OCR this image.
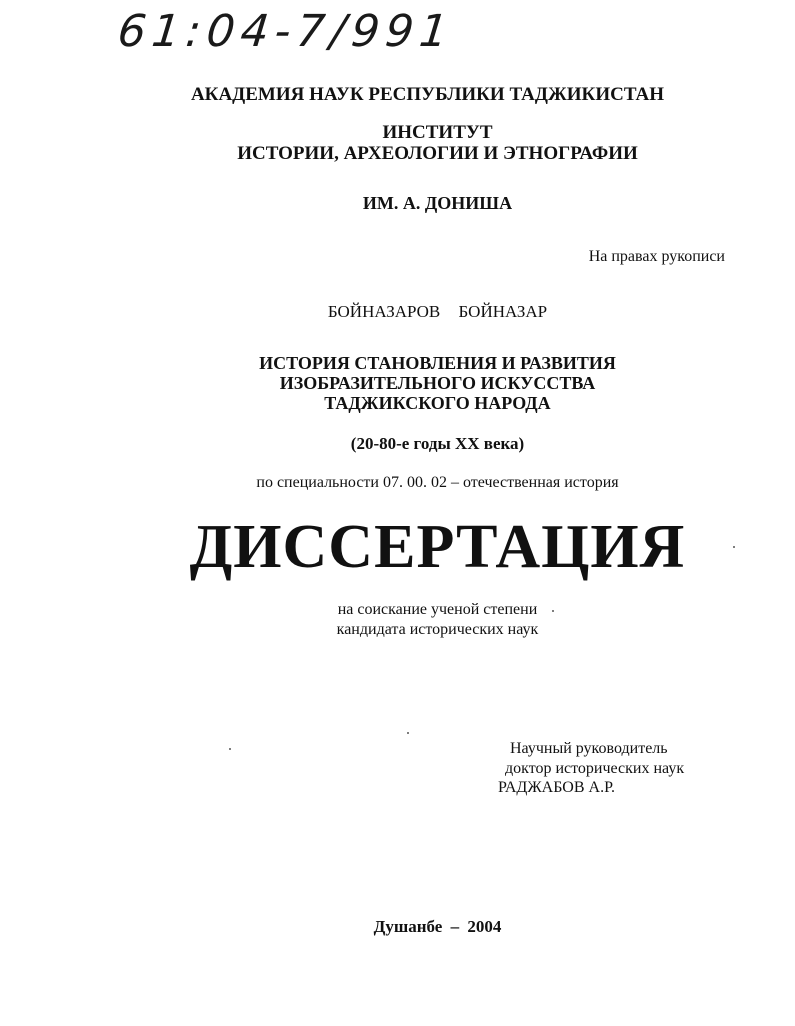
61:04-7/991
АКАДЕМИЯ НАУК РЕСПУБЛИКИ ТАДЖИКИСТАН
ИНСТИТУТ
ИСТОРИИ, АРХЕОЛОГИИ И ЭТНОГРАФИИ
ИМ. А. ДОНИША
На правах рукописи
БОЙНАЗАРОВ БОЙНАЗАР
ИСТОРИЯ СТАНОВЛЕНИЯ И РАЗВИТИЯ
ИЗОБРАЗИТЕЛЬНОГО ИСКУССТВА
ТАДЖИКСКОГО НАРОДА
(20-80-е годы XX века)
по специальности 07. 00. 02 – отечественная история
ДИССЕРТАЦИЯ
на соискание ученой степени
кандидата исторических наук
Научный руководитель
доктор исторических наук
РАДЖАБОВ А.Р.
Душанбе – 2004
